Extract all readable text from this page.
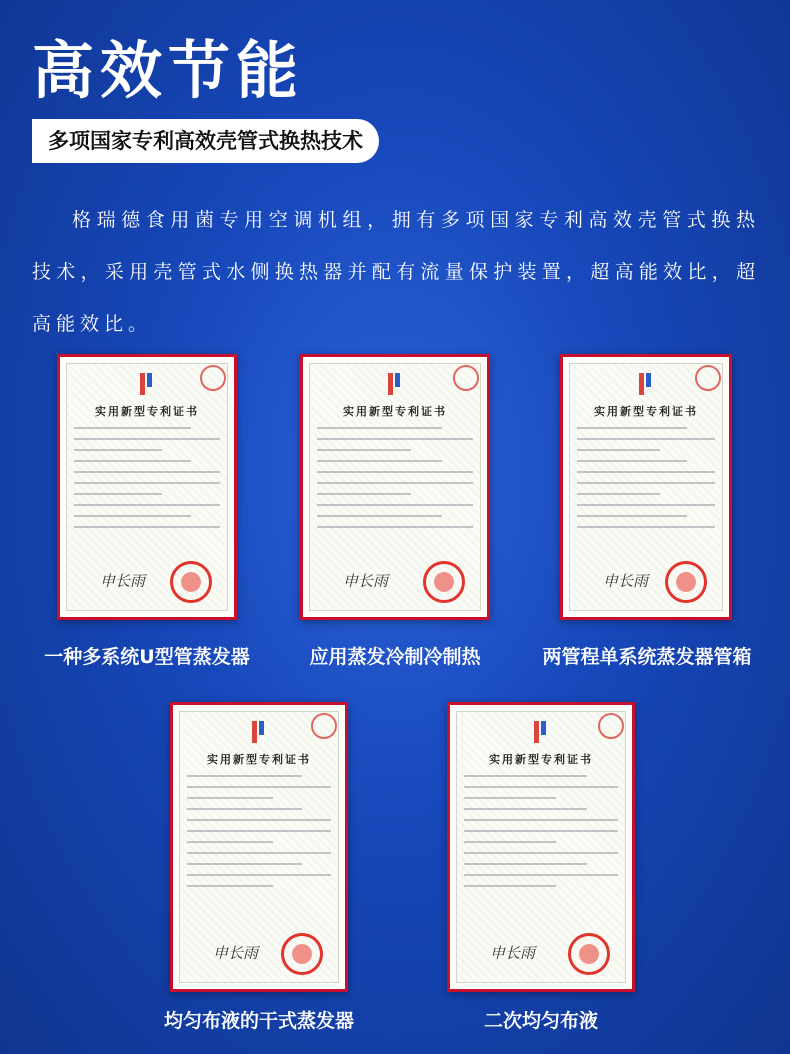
高效节能
多项国家专利高效壳管式换热技术

格瑞德食用菌专用空调机组，拥有多项国家专利高效壳管式换热技术，采用壳管式水侧换热器并配有流量保护装置，超高能效比，超高能效比。

实用新型专利证书
申长雨
一种多系统U型管蒸发器
实用新型专利证书
申长雨
应用蒸发冷制冷制热
实用新型专利证书
申长雨
两管程单系统蒸发器管箱
实用新型专利证书
申长雨
均匀布液的干式蒸发器
实用新型专利证书
申长雨
二次均匀布液
